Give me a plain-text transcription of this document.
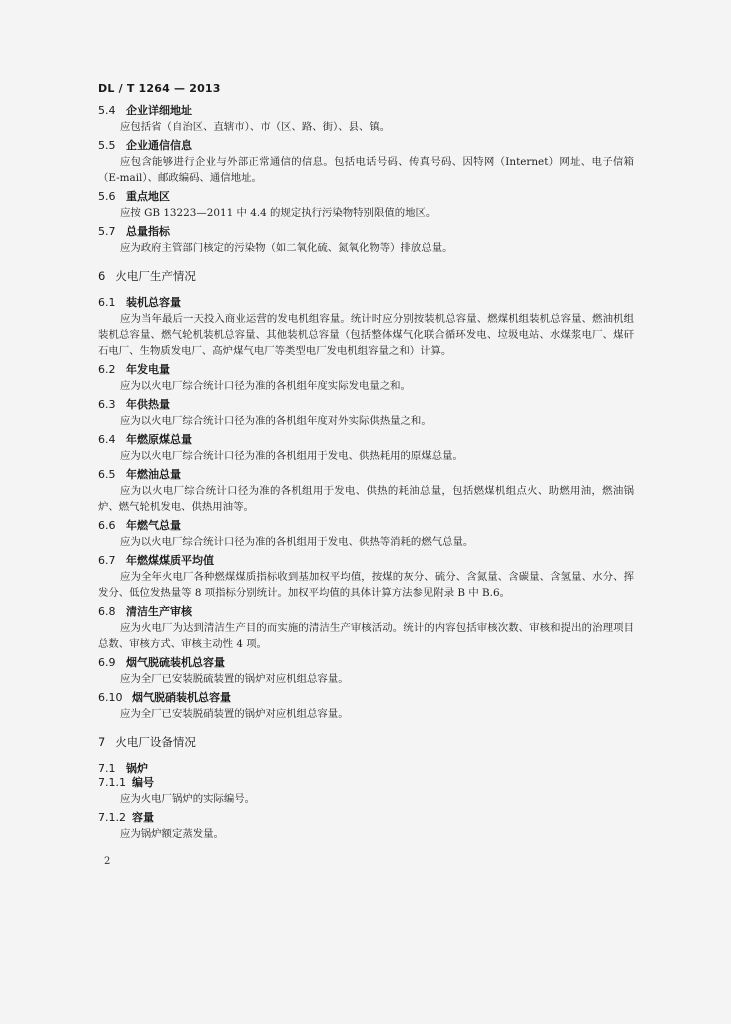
DL / T 1264 — 2013
5.4 企业详细地址
应包括省（自治区、直辖市）、市（区、路、街）、县、镇。
5.5 企业通信信息
应包含能够进行企业与外部正常通信的信息。包括电话号码、传真号码、因特网（Internet）网址、电子信箱（E-mail）、邮政编码、通信地址。
5.6 重点地区
应按 GB 13223—2011 中 4.4 的规定执行污染物特别限值的地区。
5.7 总量指标
应为政府主管部门核定的污染物（如二氧化硫、氮氧化物等）排放总量。
6 火电厂生产情况
6.1 装机总容量
应为当年最后一天投入商业运营的发电机组容量。统计时应分别按装机总容量、燃煤机组装机总容量、燃油机组装机总容量、燃气轮机装机总容量、其他装机总容量（包括整体煤气化联合循环发电、垃圾电站、水煤浆电厂、煤矸石电厂、生物质发电厂、高炉煤气电厂等类型电厂发电机组容量之和）计算。
6.2 年发电量
应为以火电厂综合统计口径为准的各机组年度实际发电量之和。
6.3 年供热量
应为以火电厂综合统计口径为准的各机组年度对外实际供热量之和。
6.4 年燃原煤总量
应为以火电厂综合统计口径为准的各机组用于发电、供热耗用的原煤总量。
6.5 年燃油总量
应为以火电厂综合统计口径为准的各机组用于发电、供热的耗油总量，包括燃煤机组点火、助燃用油，燃油锅炉、燃气轮机发电、供热用油等。
6.6 年燃气总量
应为以火电厂综合统计口径为准的各机组用于发电、供热等消耗的燃气总量。
6.7 年燃煤煤质平均值
应为全年火电厂各种燃煤煤质指标收到基加权平均值，按煤的灰分、硫分、含氮量、含碳量、含氢量、水分、挥发分、低位发热量等 8 项指标分别统计。加权平均值的具体计算方法参见附录 B 中 B.6。
6.8 清洁生产审核
应为火电厂为达到清洁生产目的而实施的清洁生产审核活动。统计的内容包括审核次数、审核和提出的治理项目总数、审核方式、审核主动性 4 项。
6.9 烟气脱硫装机总容量
应为全厂已安装脱硫装置的锅炉对应机组总容量。
6.10 烟气脱硝装机总容量
应为全厂已安装脱硝装置的锅炉对应机组总容量。
7 火电厂设备情况
7.1 锅炉
7.1.1 编号
应为火电厂锅炉的实际编号。
7.1.2 容量
应为锅炉额定蒸发量。
2
